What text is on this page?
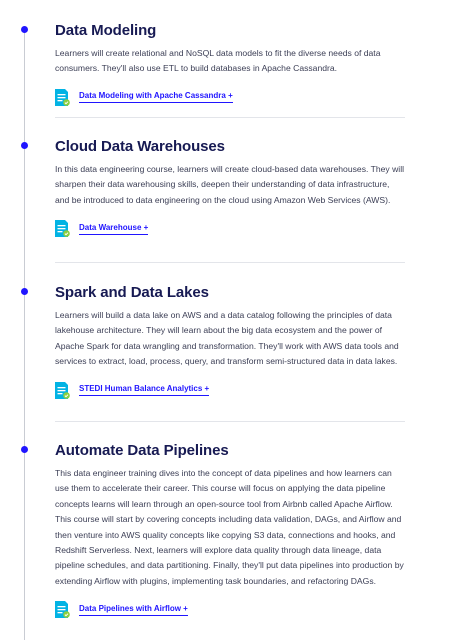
Data Modeling

Learners will create relational and NoSQL data models to fit the diverse needs of data consumers. They'll also use ETL to build databases in Apache Cassandra.

Data Modeling with Apache Cassandra +
Cloud Data Warehouses

In this data engineering course, learners will create cloud-based data warehouses. They will sharpen their data warehousing skills, deepen their understanding of data infrastructure, and be introduced to data engineering on the cloud using Amazon Web Services (AWS).

Data Warehouse +
Spark and Data Lakes

Learners will build a data lake on AWS and a data catalog following the principles of data lakehouse architecture. They will learn about the big data ecosystem and the power of Apache Spark for data wrangling and transformation. They'll work with AWS data tools and services to extract, load, process, query, and transform semi-structured data in data lakes.

STEDI Human Balance Analytics +
Automate Data Pipelines

This data engineer training dives into the concept of data pipelines and how learners can use them to accelerate their career. This course will focus on applying the data pipeline concepts learns will learn through an open-source tool from Airbnb called Apache Airflow. This course will start by covering concepts including data validation, DAGs, and Airflow and then venture into AWS quality concepts like copying S3 data, connections and hooks, and Redshift Serverless. Next, learners will explore data quality through data lineage, data pipeline schedules, and data partitioning. Finally, they'll put data pipelines into production by extending Airflow with plugins, implementing task boundaries, and refactoring DAGs.

Data Pipelines with Airflow +
